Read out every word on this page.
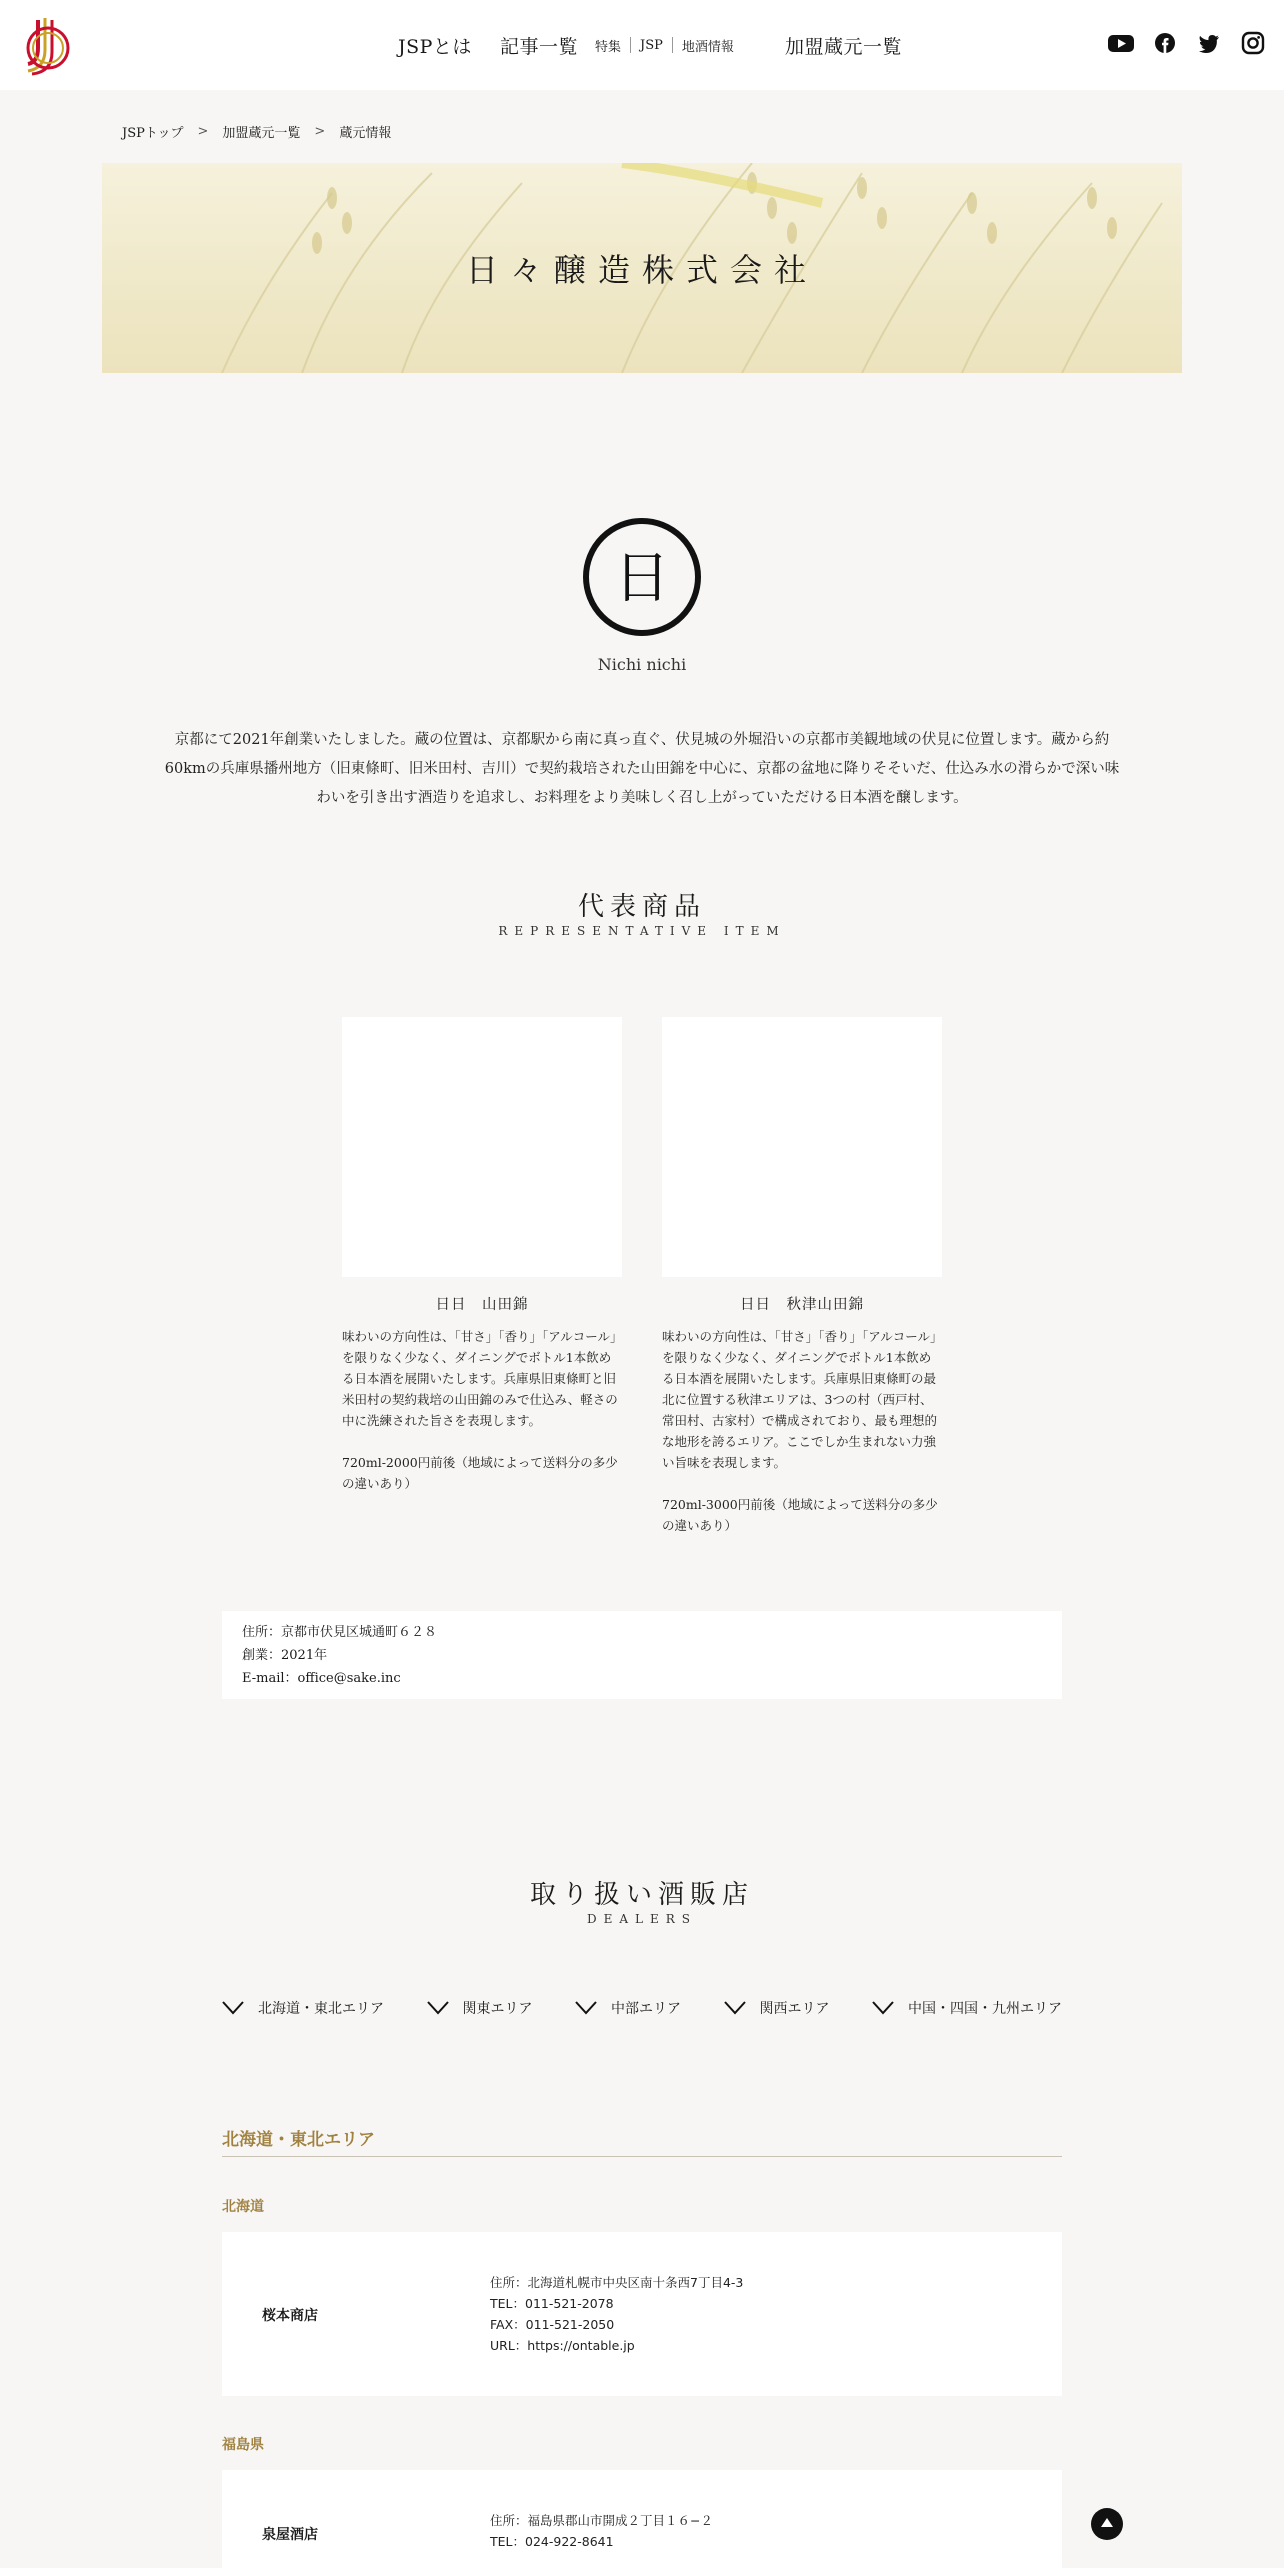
JSPとは 記事一覧 特集 JSP 地酒情報	加盟蔵元一覧
JSPトップ > 加盟蔵元一覧 > 蔵元情報
日々醸造株式会社
日
Nichi nichi

京都にて2021年創業いたしました。蔵の位置は、京都駅から南に真っ直ぐ、伏見城の外堀沿いの京都市美観地域の伏見に位置します。蔵から約60kmの兵庫県播州地方（旧東條町、旧米田村、吉川）で契約栽培された山田錦を中心に、京都の盆地に降りそそいだ、仕込み水の滑らかで深い味わいを引き出す酒造りを追求し、お料理をより美味しく召し上がっていただける日本酒を醸します。

代表商品
REPRESENTATIVE ITEM
日日　山田錦

味わいの方向性は、「甘さ」「香り」「アルコール」を限りなく少なく、ダイニングでボトル1本飲める日本酒を展開いたします。兵庫県旧東條町と旧米田村の契約栽培の山田錦のみで仕込み、軽さの中に洗練された旨さを表現します。

720ml-2000円前後（地域によって送料分の多少の違いあり）

日日　秋津山田錦

味わいの方向性は、「甘さ」「香り」「アルコール」を限りなく少なく、ダイニングでボトル1本飲める日本酒を展開いたします。兵庫県旧東條町の最北に位置する秋津エリアは、3つの村（西戸村、常田村、古家村）で構成されており、最も理想的な地形を誇るエリア。ここでしか生まれない力強い旨味を表現します。

720ml-3000円前後（地域によって送料分の多少の違いあり）

住所：京都市伏見区城通町６２８
創業：2021年
E-mail：office@sake.inc
取り扱い酒販店
DEALERS
北海道・東北エリア	関東エリア	中部エリア	関西エリア	中国・四国・九州エリア
北海道・東北エリア
北海道
桜本商店
住所：北海道札幌市中央区南十条西7丁目4-3
TEL：011-521-2078
FAX：011-521-2050
URL：https://ontable.jp
福島県
泉屋酒店
住所：福島県郡山市開成２丁目１６−２
TEL：024-922-8641
